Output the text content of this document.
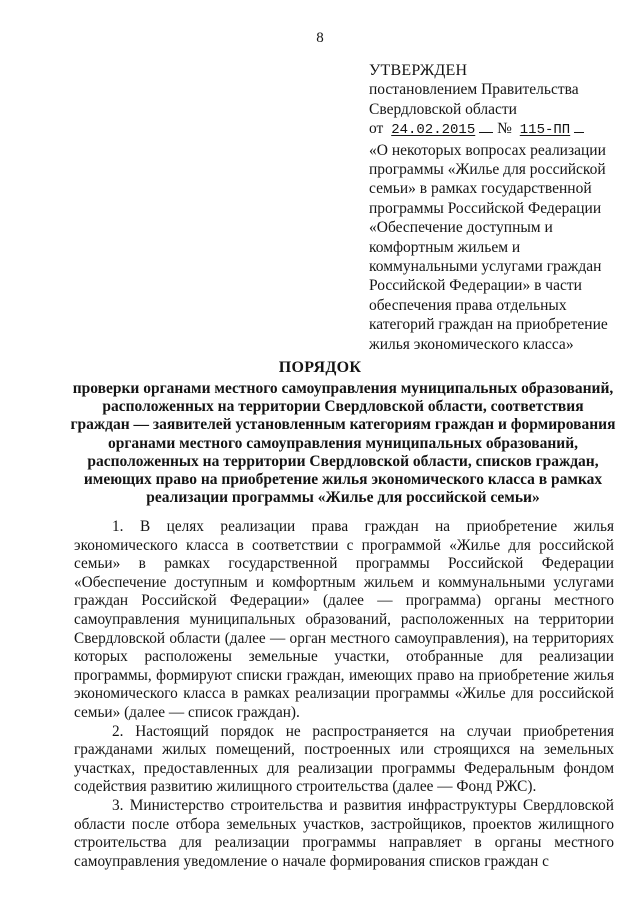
8
УТВЕРЖДЕН
постановлением Правительства
Свердловской области
от 24.02.2015 № 115-ПП
«О некоторых вопросах реализации
программы «Жилье для российской
семьи» в рамках государственной
программы Российской Федерации
«Обеспечение доступным и
комфортным жильем и
коммунальными услугами граждан
Российской Федерации» в части
обеспечения права отдельных
категорий граждан на приобретение
жилья экономического класса»
ПОРЯДОК
проверки органами местного самоуправления муниципальных образований,
расположенных на территории Свердловской области, соответствия
граждан — заявителей установленным категориям граждан и формирования
органами местного самоуправления муниципальных образований,
расположенных на территории Свердловской области, списков граждан,
имеющих право на приобретение жилья экономического класса в рамках
реализации программы «Жилье для российской семьи»

1. В целях реализации права граждан на приобретение жилья экономического класса в соответствии с программой «Жилье для российской семьи» в рамках государственной программы Российской Федерации «Обеспечение доступным и комфортным жильем и коммунальными услугами граждан Российской Федерации» (далее — программа) органы местного самоуправления муниципальных образований, расположенных на территории Свердловской области (далее — орган местного самоуправления), на территориях которых расположены земельные участки, отобранные для реализации программы, формируют списки граждан, имеющих право на приобретение жилья экономического класса в рамках реализации программы «Жилье для российской семьи» (далее — список граждан).

2. Настоящий порядок не распространяется на случаи приобретения гражданами жилых помещений, построенных или строящихся на земельных участках, предоставленных для реализации программы Федеральным фондом содействия развитию жилищного строительства (далее — Фонд РЖС).

3. Министерство строительства и развития инфраструктуры Свердловской области после отбора земельных участков, застройщиков, проектов жилищного строительства для реализации программы направляет в органы местного самоуправления уведомление о начале формирования списков граждан с
